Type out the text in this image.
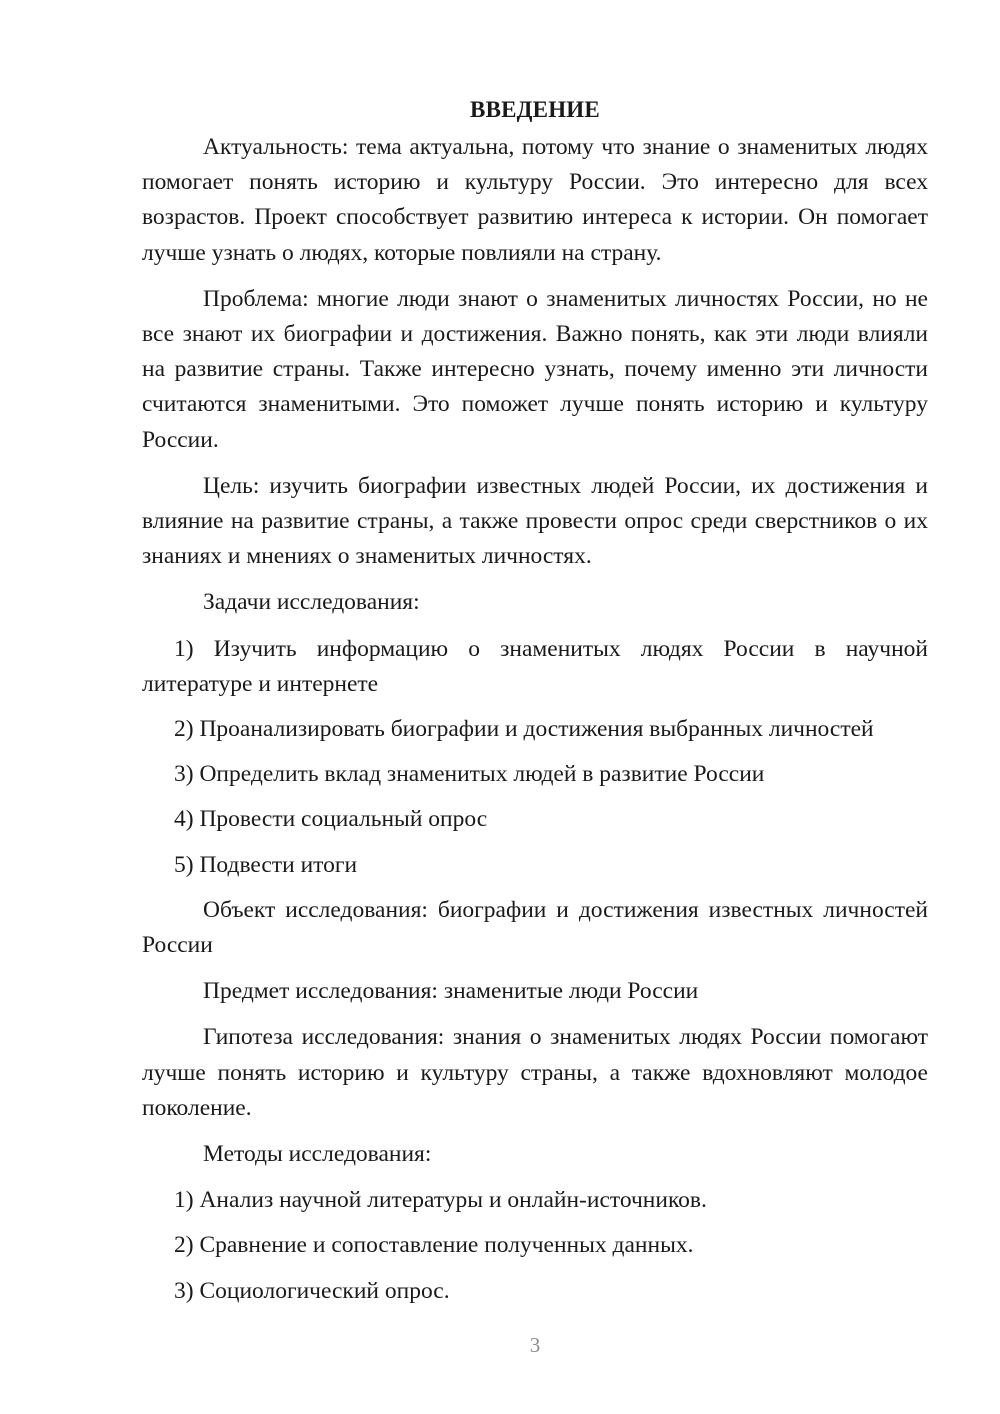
ВВЕДЕНИЕ

Актуальность: тема актуальна, потому что знание о знаменитых людях помогает понять историю и культуру России. Это интересно для всех возрастов. Проект способствует развитию интереса к истории. Он помогает лучше узнать о людях, которые повлияли на страну.

Проблема: многие люди знают о знаменитых личностях России, но не все знают их биографии и достижения. Важно понять, как эти люди влияли на развитие страны. Также интересно узнать, почему именно эти личности считаются знаменитыми. Это поможет лучше понять историю и культуру России.

Цель: изучить биографии известных людей России, их достижения и влияние на развитие страны, а также провести опрос среди сверстников о их знаниях и мнениях о знаменитых личностях.

Задачи исследования:

1) Изучить информацию о знаменитых людях России в научной литературе и интернете

2) Проанализировать биографии и достижения выбранных личностей

3) Определить вклад знаменитых людей в развитие России

4) Провести социальный опрос

5) Подвести итоги

Объект исследования: биографии и достижения известных личностей России

Предмет исследования: знаменитые люди России

Гипотеза исследования: знания о знаменитых людях России помогают лучше понять историю и культуру страны, а также вдохновляют молодое поколение.

Методы исследования:

1) Анализ научной литературы и онлайн-источников.

2) Сравнение и сопоставление полученных данных.

3) Социологический опрос.

3
